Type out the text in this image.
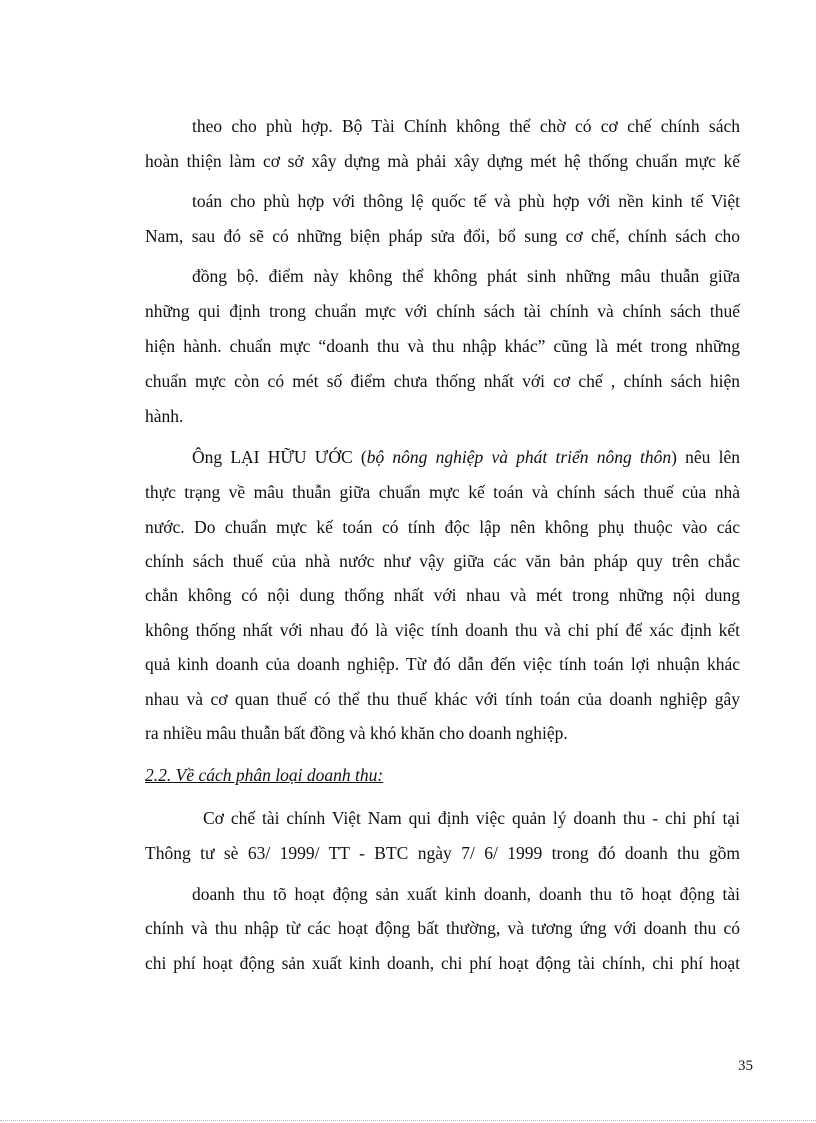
theo cho phù hợp. Bộ Tài Chính không thể chờ có cơ chế chính sách
hoàn thiện làm cơ sở xây dựng mà phải xây dựng mét hệ thống chuẩn mực kế
toán cho phù hợp với thông lệ quốc tế và phù hợp với nền kinh tế Việt
Nam, sau đó sẽ có những biện pháp sửa đổi, bổ sung cơ chế, chính sách cho
đồng bộ. điểm này không thể không phát sinh những mâu thuẫn giữa
những qui định trong chuẩn mực với chính sách tài chính và chính sách thuế
hiện hành. chuẩn mực “doanh thu và thu nhập khác” cũng là mét trong những
chuẩn mực còn có mét số điểm chưa thống nhất với cơ chế , chính sách hiện
hành.
Ông LẠI HỮU ƯỚC (bộ nông nghiệp và phát triển nông thôn) nêu lên
thực trạng về mâu thuẫn giữa chuẩn mực kế toán và chính sách thuế của nhà
nước. Do chuẩn mực kế toán có tính độc lập nên không phụ thuộc vào các
chính sách thuế của nhà nước như vậy giữa các văn bản pháp quy trên chắc
chắn không có nội dung thống nhất với nhau và mét trong những nội dung
không thống nhất với nhau đó là việc tính doanh thu và chi phí để xác định kết
quả kinh doanh của doanh nghiệp. Từ đó dẫn đến việc tính toán lợi nhuận khác
nhau và cơ quan thuế có thể thu thuế khác với tính toán của doanh nghiệp gây
ra nhiều mâu thuẫn bất đồng và khó khăn cho doanh nghiệp.
2.2. Về cách phân loại doanh thu:
Cơ chế tài chính Việt Nam qui định việc quản lý doanh thu - chi phí tại
Thông tư sè 63/ 1999/ TT - BTC ngày 7/ 6/ 1999 trong đó doanh thu gồm
doanh thu tõ hoạt động sản xuất kinh doanh, doanh thu tõ hoạt động tài
chính và thu nhập từ các hoạt động bất thường, và tương ứng với doanh thu có
chi phí hoạt động sản xuất kinh doanh, chi phí hoạt động tài chính, chi phí hoạt
35
